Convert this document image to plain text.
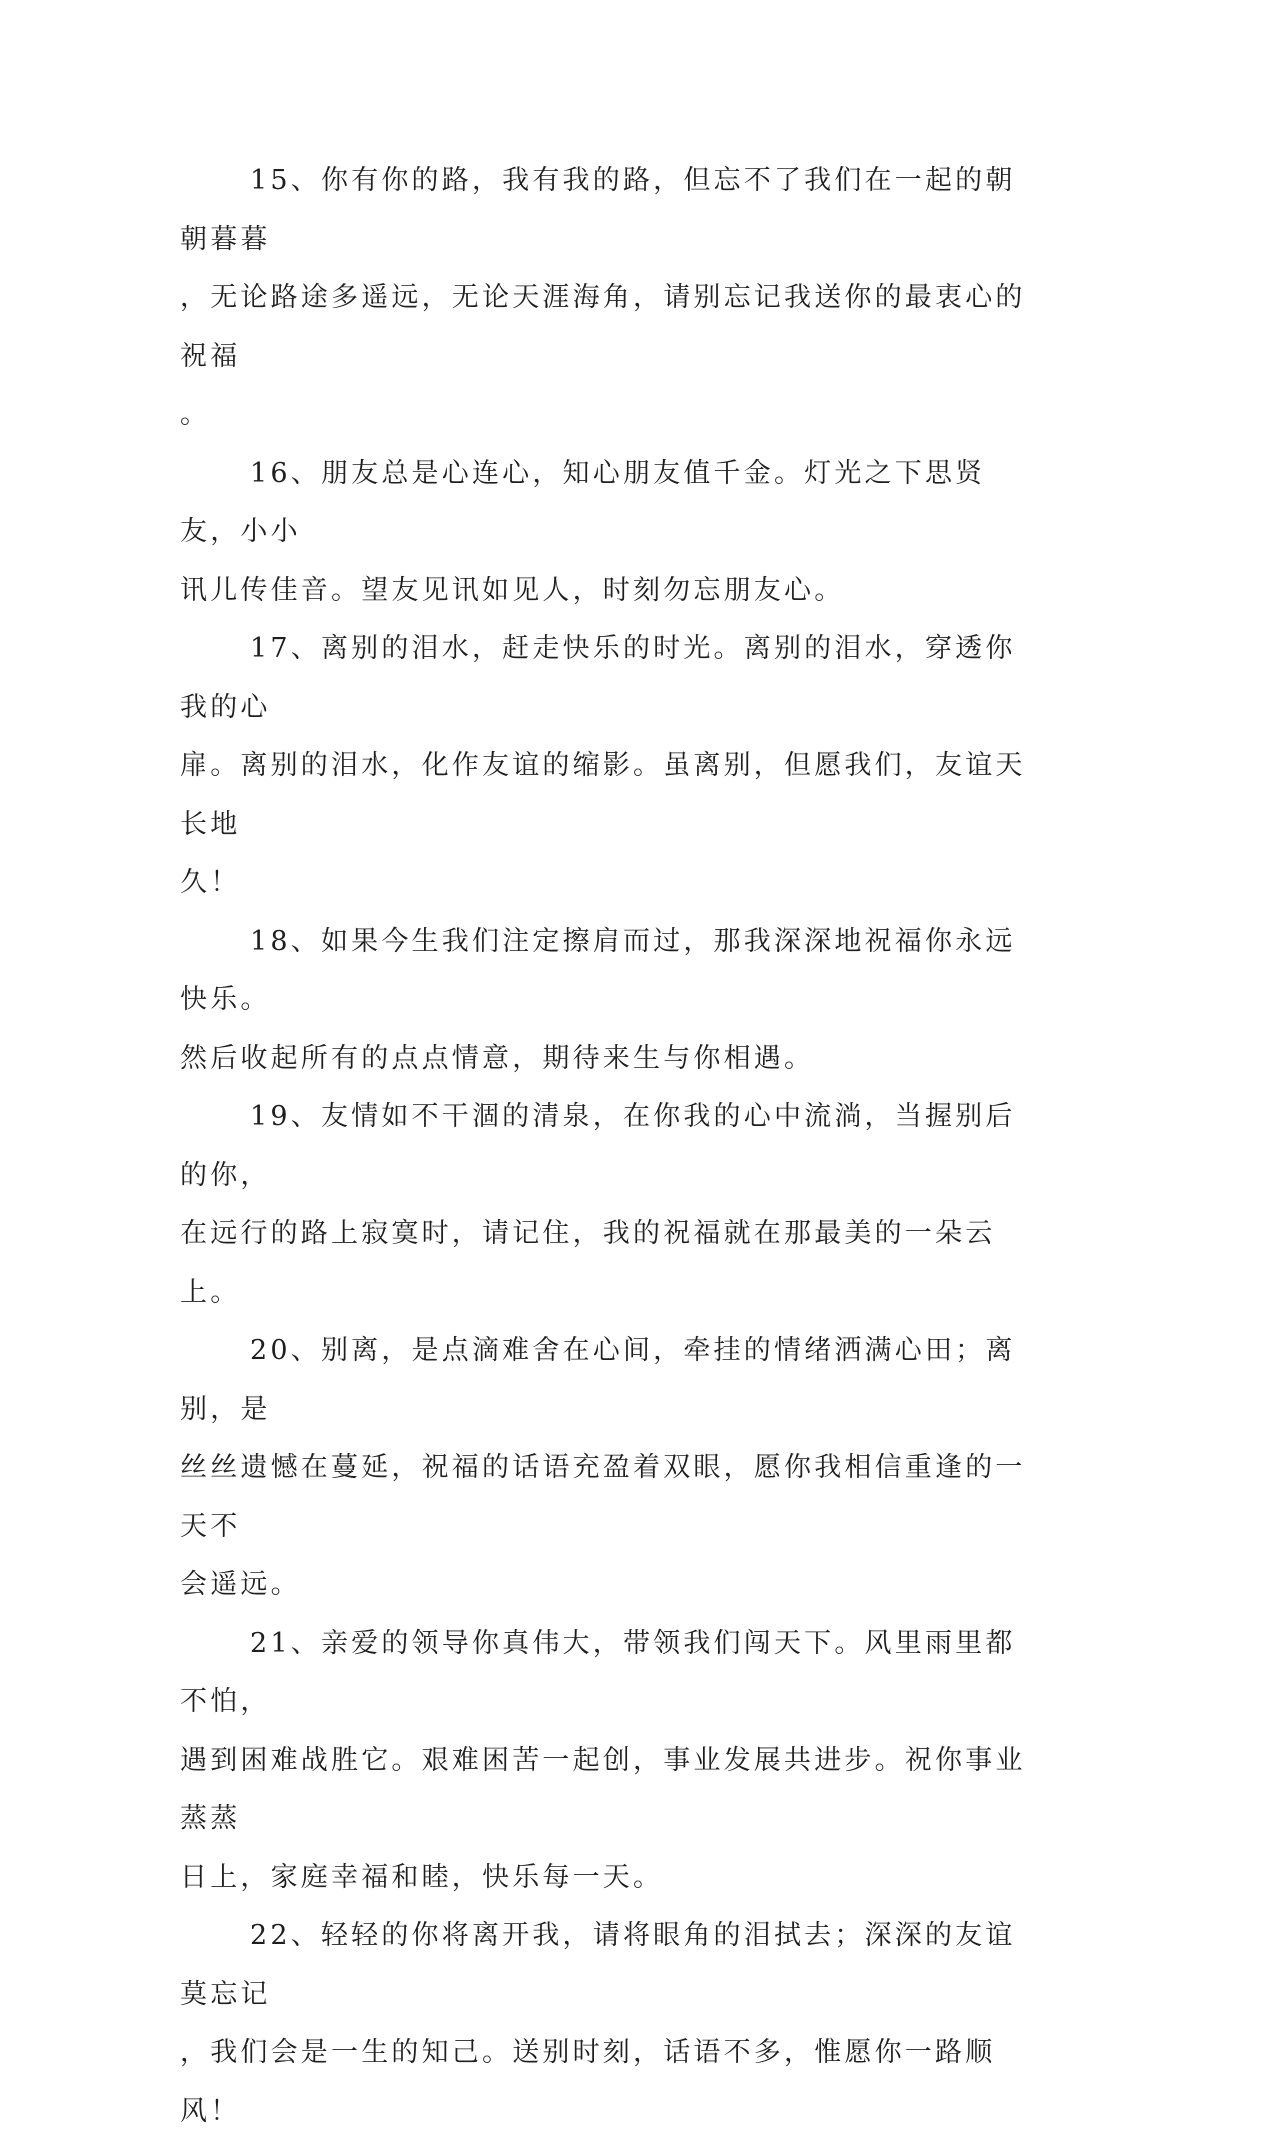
15、你有你的路，我有我的路，但忘不了我们在一起的朝朝暮暮
，无论路途多遥远，无论天涯海角，请别忘记我送你的最衷心的祝福
。

16、朋友总是心连心，知心朋友值千金。灯光之下思贤友，小小
讯儿传佳音。望友见讯如见人，时刻勿忘朋友心。

17、离别的泪水，赶走快乐的时光。离别的泪水，穿透你我的心
扉。离别的泪水，化作友谊的缩影。虽离别，但愿我们，友谊天长地
久！

18、如果今生我们注定擦肩而过，那我深深地祝福你永远快乐。
然后收起所有的点点情意，期待来生与你相遇。

19、友情如不干涸的清泉，在你我的心中流淌，当握别后的你，
在远行的路上寂寞时，请记住，我的祝福就在那最美的一朵云上。

20、别离，是点滴难舍在心间，牵挂的情绪洒满心田；离别，是
丝丝遗憾在蔓延，祝福的话语充盈着双眼，愿你我相信重逢的一天不
会遥远。

21、亲爱的领导你真伟大，带领我们闯天下。风里雨里都不怕，
遇到困难战胜它。艰难困苦一起创，事业发展共进步。祝你事业蒸蒸
日上，家庭幸福和睦，快乐每一天。

22、轻轻的你将离开我，请将眼角的泪拭去；深深的友谊莫忘记
，我们会是一生的知己。送别时刻，话语不多，惟愿你一路顺风！
